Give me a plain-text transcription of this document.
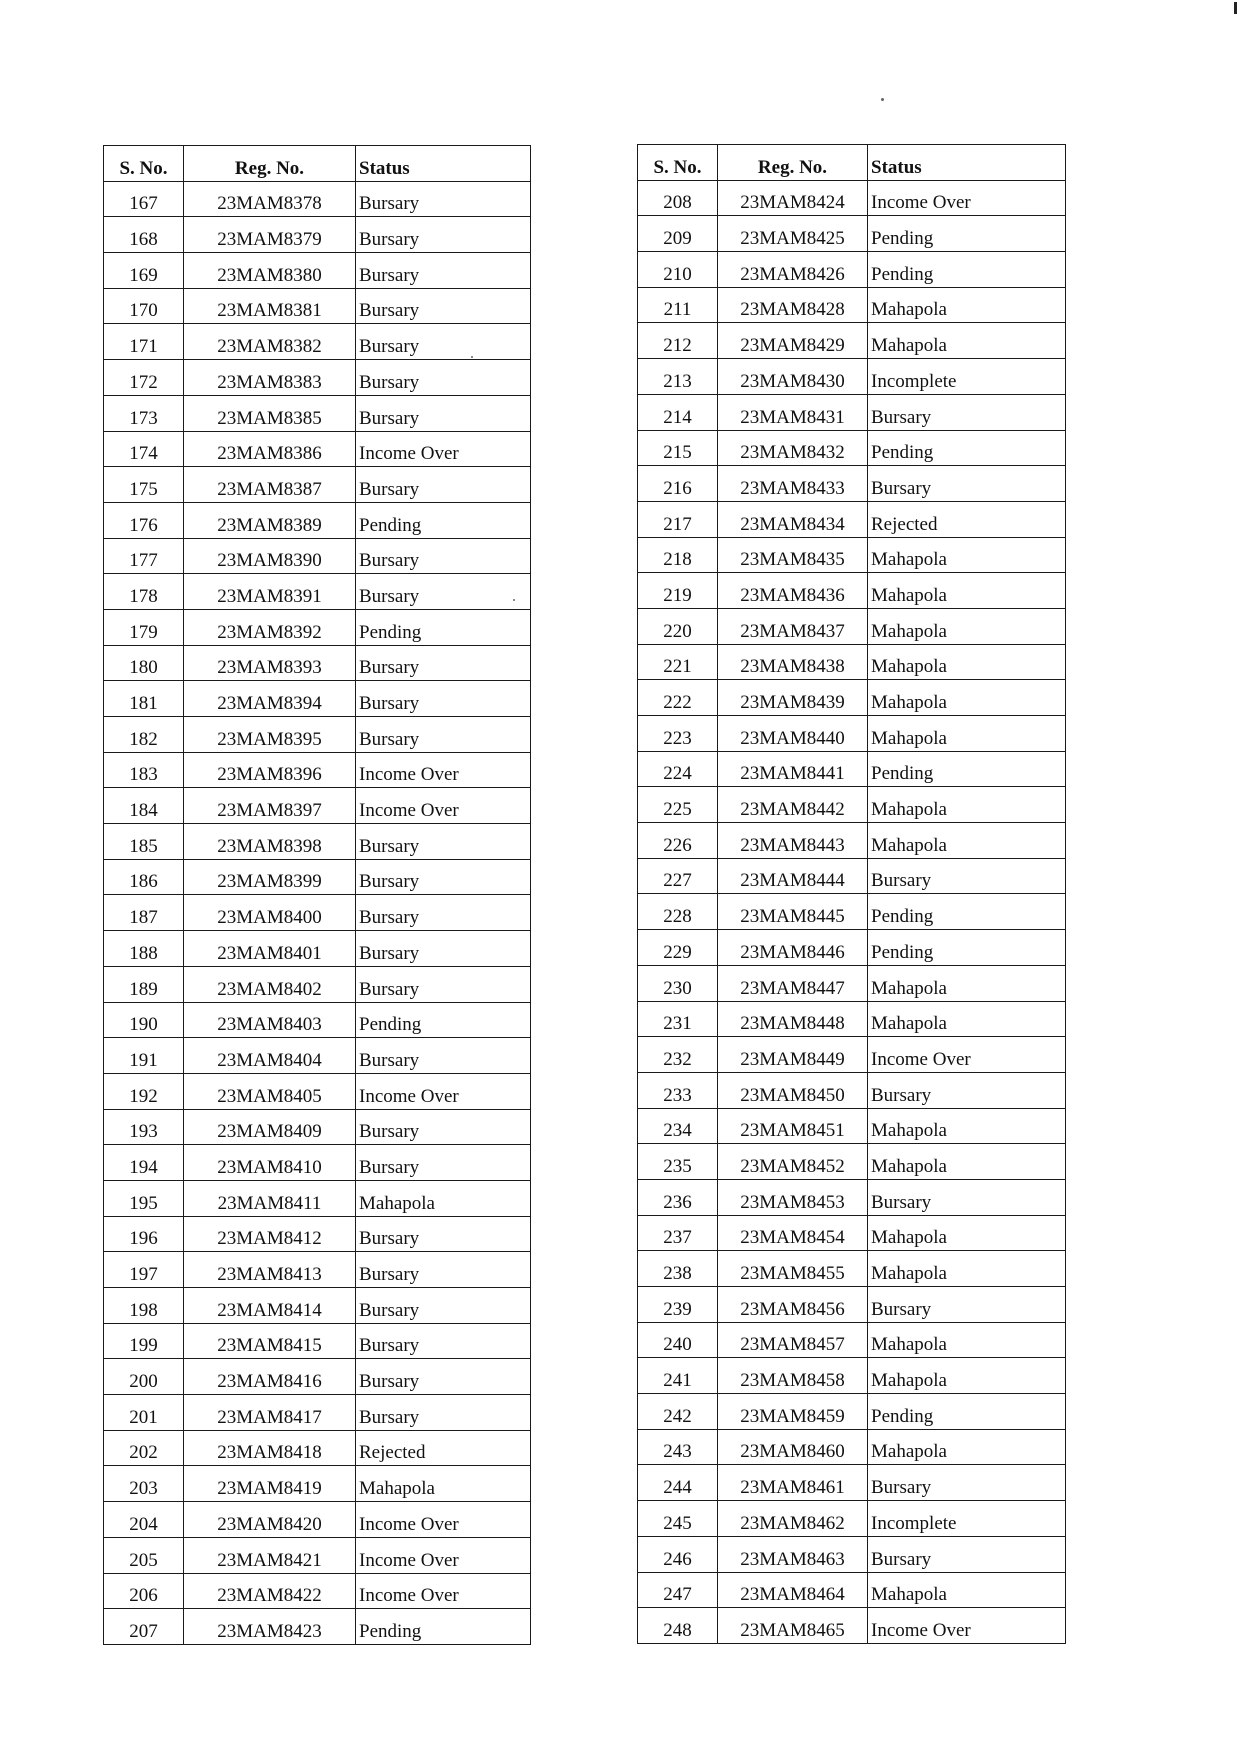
S. No.	Reg. No.	Status
167	23MAM8378	Bursary
168	23MAM8379	Bursary
169	23MAM8380	Bursary
170	23MAM8381	Bursary
171	23MAM8382	Bursary
172	23MAM8383	Bursary
173	23MAM8385	Bursary
174	23MAM8386	Income Over
175	23MAM8387	Bursary
176	23MAM8389	Pending
177	23MAM8390	Bursary
178	23MAM8391	Bursary
179	23MAM8392	Pending
180	23MAM8393	Bursary
181	23MAM8394	Bursary
182	23MAM8395	Bursary
183	23MAM8396	Income Over
184	23MAM8397	Income Over
185	23MAM8398	Bursary
186	23MAM8399	Bursary
187	23MAM8400	Bursary
188	23MAM8401	Bursary
189	23MAM8402	Bursary
190	23MAM8403	Pending
191	23MAM8404	Bursary
192	23MAM8405	Income Over
193	23MAM8409	Bursary
194	23MAM8410	Bursary
195	23MAM8411	Mahapola
196	23MAM8412	Bursary
197	23MAM8413	Bursary
198	23MAM8414	Bursary
199	23MAM8415	Bursary
200	23MAM8416	Bursary
201	23MAM8417	Bursary
202	23MAM8418	Rejected
203	23MAM8419	Mahapola
204	23MAM8420	Income Over
205	23MAM8421	Income Over
206	23MAM8422	Income Over
207	23MAM8423	Pending
S. No.	Reg. No.	Status
208	23MAM8424	Income Over
209	23MAM8425	Pending
210	23MAM8426	Pending
211	23MAM8428	Mahapola
212	23MAM8429	Mahapola
213	23MAM8430	Incomplete
214	23MAM8431	Bursary
215	23MAM8432	Pending
216	23MAM8433	Bursary
217	23MAM8434	Rejected
218	23MAM8435	Mahapola
219	23MAM8436	Mahapola
220	23MAM8437	Mahapola
221	23MAM8438	Mahapola
222	23MAM8439	Mahapola
223	23MAM8440	Mahapola
224	23MAM8441	Pending
225	23MAM8442	Mahapola
226	23MAM8443	Mahapola
227	23MAM8444	Bursary
228	23MAM8445	Pending
229	23MAM8446	Pending
230	23MAM8447	Mahapola
231	23MAM8448	Mahapola
232	23MAM8449	Income Over
233	23MAM8450	Bursary
234	23MAM8451	Mahapola
235	23MAM8452	Mahapola
236	23MAM8453	Bursary
237	23MAM8454	Mahapola
238	23MAM8455	Mahapola
239	23MAM8456	Bursary
240	23MAM8457	Mahapola
241	23MAM8458	Mahapola
242	23MAM8459	Pending
243	23MAM8460	Mahapola
244	23MAM8461	Bursary
245	23MAM8462	Incomplete
246	23MAM8463	Bursary
247	23MAM8464	Mahapola
248	23MAM8465	Income Over
